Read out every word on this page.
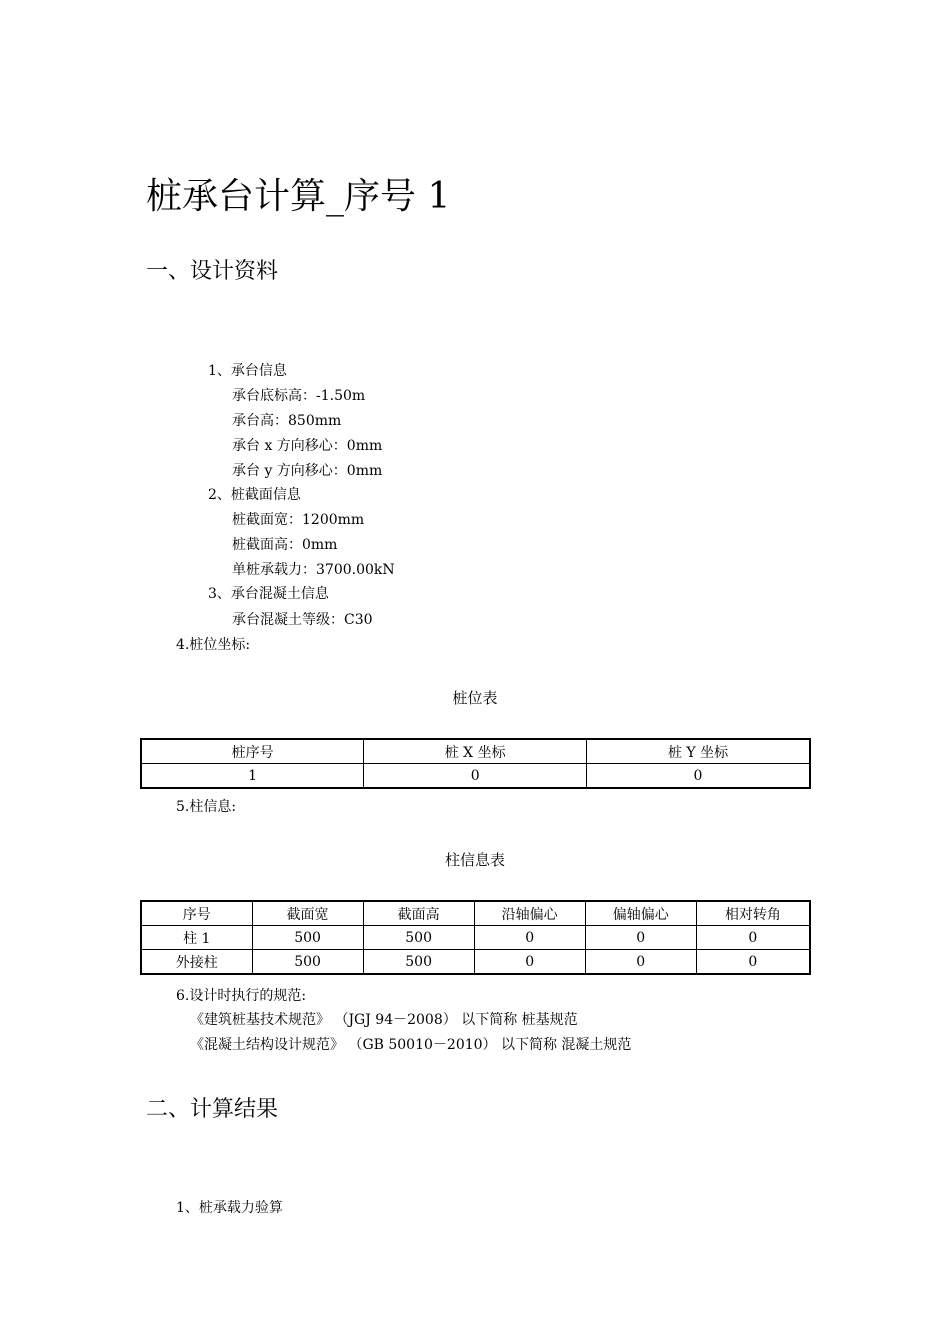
桩承台计算_序号 1
一、设计资料
1、承台信息
承台底标高：-1.50m
承台高：850mm
承台 x 方向移心：0mm
承台 y 方向移心：0mm
2、桩截面信息
桩截面宽：1200mm
桩截面高：0mm
单桩承载力：3700.00kN
3、承台混凝土信息
承台混凝土等级：C30
4.桩位坐标:
桩位表
桩序号	桩 X 坐标	桩 Y 坐标
1	0	0
5.柱信息:
柱信息表
序号	截面宽	截面高	沿轴偏心	偏轴偏心	相对转角
柱 1	500	500	0	0	0
外接柱	500	500	0	0	0
6.设计时执行的规范:
《建筑桩基技术规范》 （JGJ 94－2008） 以下简称 桩基规范
《混凝土结构设计规范》 （GB 50010－2010） 以下简称 混凝土规范
二、计算结果
1、桩承载力验算
